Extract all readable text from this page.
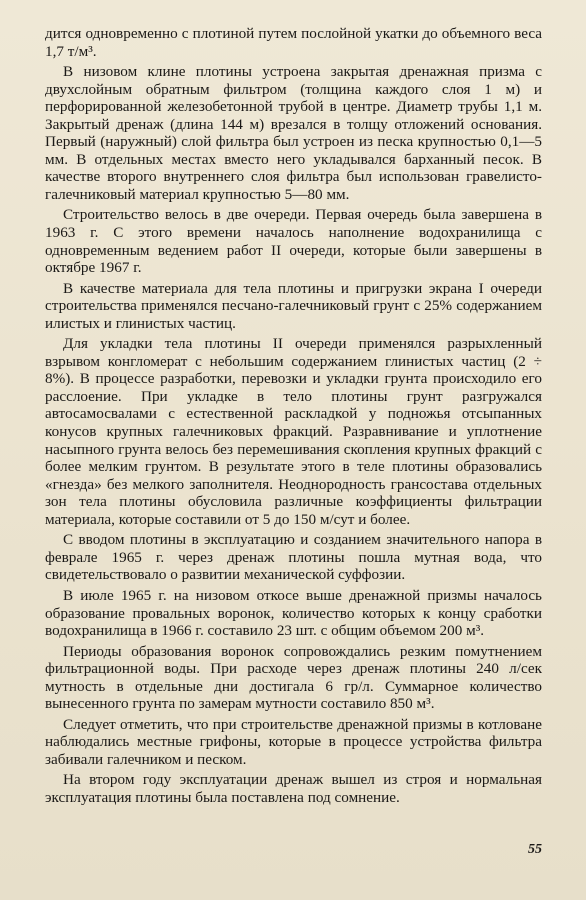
дится одновременно с плотиной путем послойной укатки до объемного веса 1,7 т/м³.

В низовом клине плотины устроена закрытая дренажная призма с двухслойным обратным фильтром (толщина каждого слоя 1 м) и перфорированной железобетонной трубой в центре. Диаметр трубы 1,1 м. Закрытый дренаж (длина 144 м) врезался в толщу отложений основания. Первый (наружный) слой фильтра был устроен из песка крупностью 0,1—5 мм. В отдельных местах вместо него укладывался барханный песок. В качестве второго внутреннего слоя фильтра был использован гравелисто-галечниковый материал крупностью 5—80 мм.

Строительство велось в две очереди. Первая очередь была завершена в 1963 г. С этого времени началось наполнение водохранилища с одновременным ведением работ II очереди, которые были завершены в октябре 1967 г.

В качестве материала для тела плотины и пригрузки экрана I очереди строительства применялся песчано-галечниковый грунт с 25% содержанием илистых и глинистых частиц.

Для укладки тела плотины II очереди применялся разрыхленный взрывом конгломерат с небольшим содержанием глинистых частиц (2 ÷ 8%). В процессе разработки, перевозки и укладки грунта происходило его расслоение. При укладке в тело плотины грунт разгружался автосамосвалами с естественной раскладкой у подножья отсыпанных конусов крупных галечниковых фракций. Разравнивание и уплотнение насыпного грунта велось без перемешивания скопления крупных фракций с более мелким грунтом. В результате этого в теле плотины образовались «гнезда» без мелкого заполнителя. Неоднородность грансостава отдельных зон тела плотины обусловила различные коэффициенты фильтрации материала, которые составили от 5 до 150 м/сут и более.

С вводом плотины в эксплуатацию и созданием значительного напора в феврале 1965 г. через дренаж плотины пошла мутная вода, что свидетельствовало о развитии механической суффозии.

В июле 1965 г. на низовом откосе выше дренажной призмы началось образование провальных воронок, количество которых к концу сработки водохранилища в 1966 г. составило 23 шт. с общим объемом 200 м³.

Периоды образования воронок сопровождались резким помутнением фильтрационной воды. При расходе через дренаж плотины 240 л/сек мутность в отдельные дни достигала 6 гр/л. Суммарное количество вынесенного грунта по замерам мутности составило 850 м³.

Следует отметить, что при строительстве дренажной призмы в котловане наблюдались местные грифоны, которые в процессе устройства фильтра забивали галечником и песком.

На втором году эксплуатации дренаж вышел из строя и нормальная эксплуатация плотины была поставлена под сомнение.

55
